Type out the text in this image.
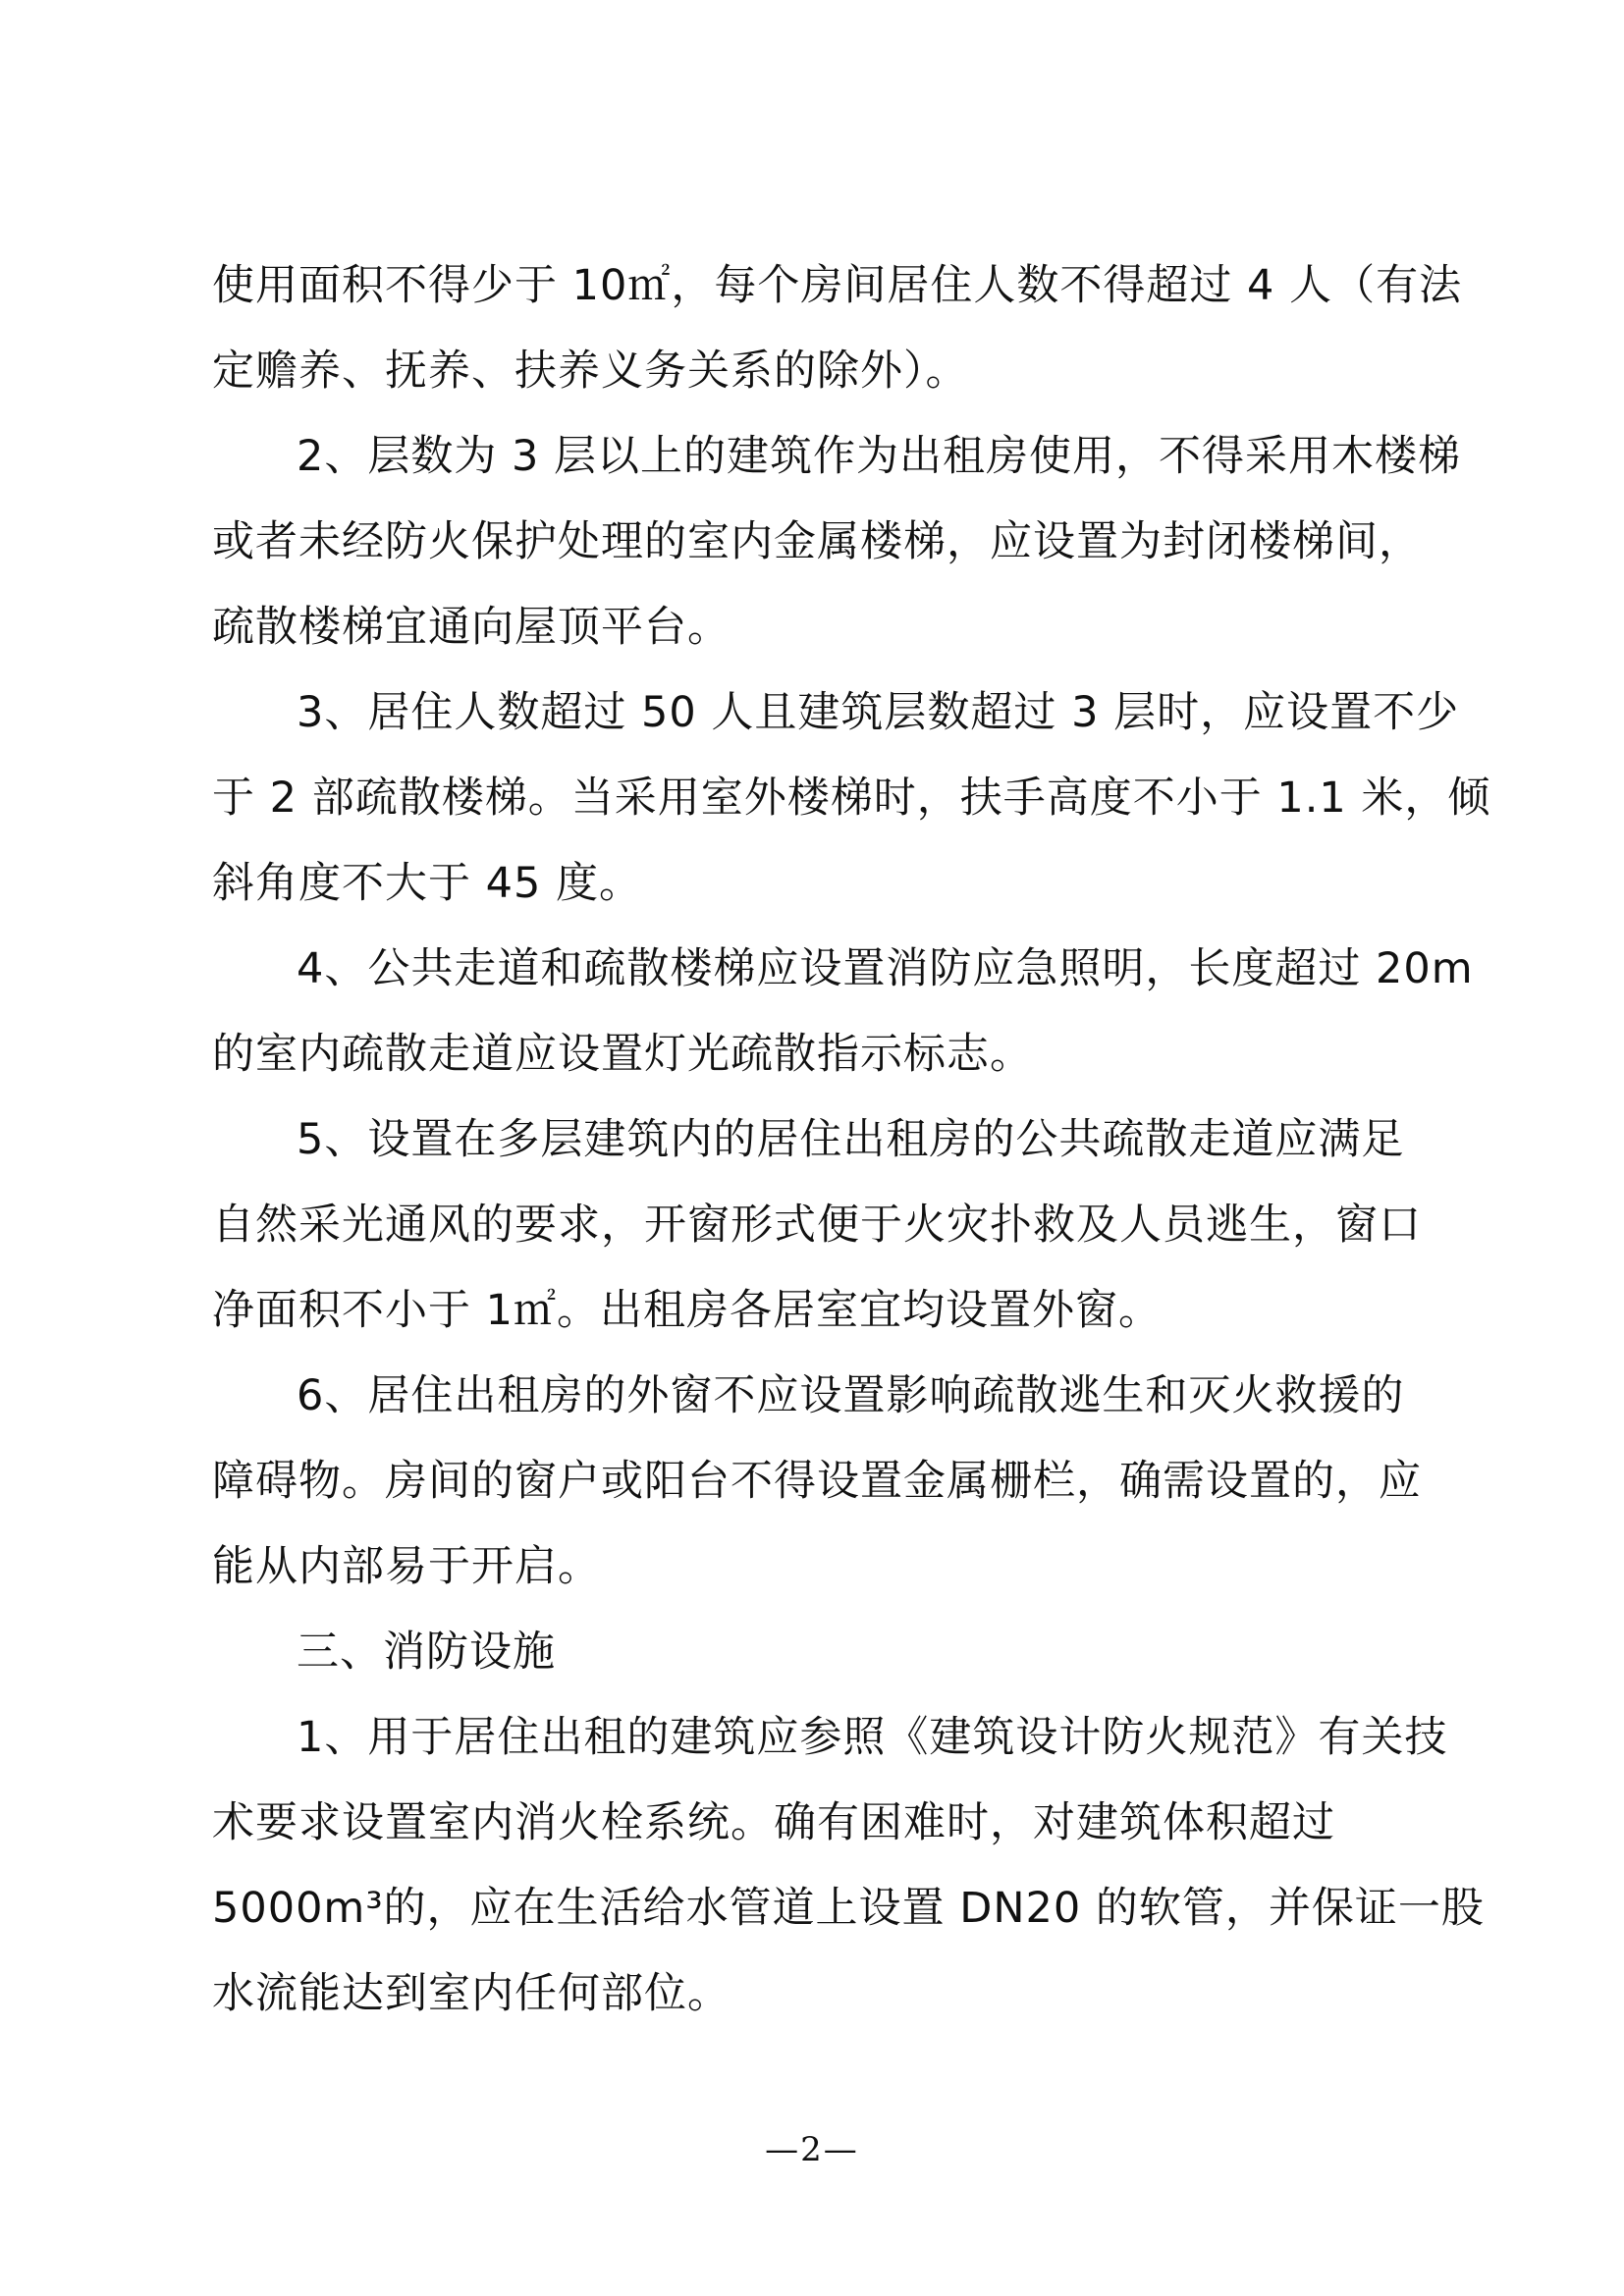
使用面积不得少于 10㎡，每个房间居住人数不得超过 4 人（有法
定赡养、抚养、扶养义务关系的除外）。
2、层数为 3 层以上的建筑作为出租房使用，不得采用木楼梯
或者未经防火保护处理的室内金属楼梯，应设置为封闭楼梯间，
疏散楼梯宜通向屋顶平台。
3、居住人数超过 50 人且建筑层数超过 3 层时，应设置不少
于 2 部疏散楼梯。当采用室外楼梯时，扶手高度不小于 1.1 米，倾
斜角度不大于 45 度。
4、公共走道和疏散楼梯应设置消防应急照明，长度超过 20m
的室内疏散走道应设置灯光疏散指示标志。
5、设置在多层建筑内的居住出租房的公共疏散走道应满足
自然采光通风的要求，开窗形式便于火灾扑救及人员逃生，窗口
净面积不小于 1㎡。出租房各居室宜均设置外窗。
6、居住出租房的外窗不应设置影响疏散逃生和灭火救援的
障碍物。房间的窗户或阳台不得设置金属栅栏，确需设置的，应
能从内部易于开启。
三、消防设施
1、用于居住出租的建筑应参照《建筑设计防火规范》有关技
术要求设置室内消火栓系统。确有困难时，对建筑体积超过
5000m³的，应在生活给水管道上设置 DN20 的软管，并保证一股
水流能达到室内任何部位。
—2—
